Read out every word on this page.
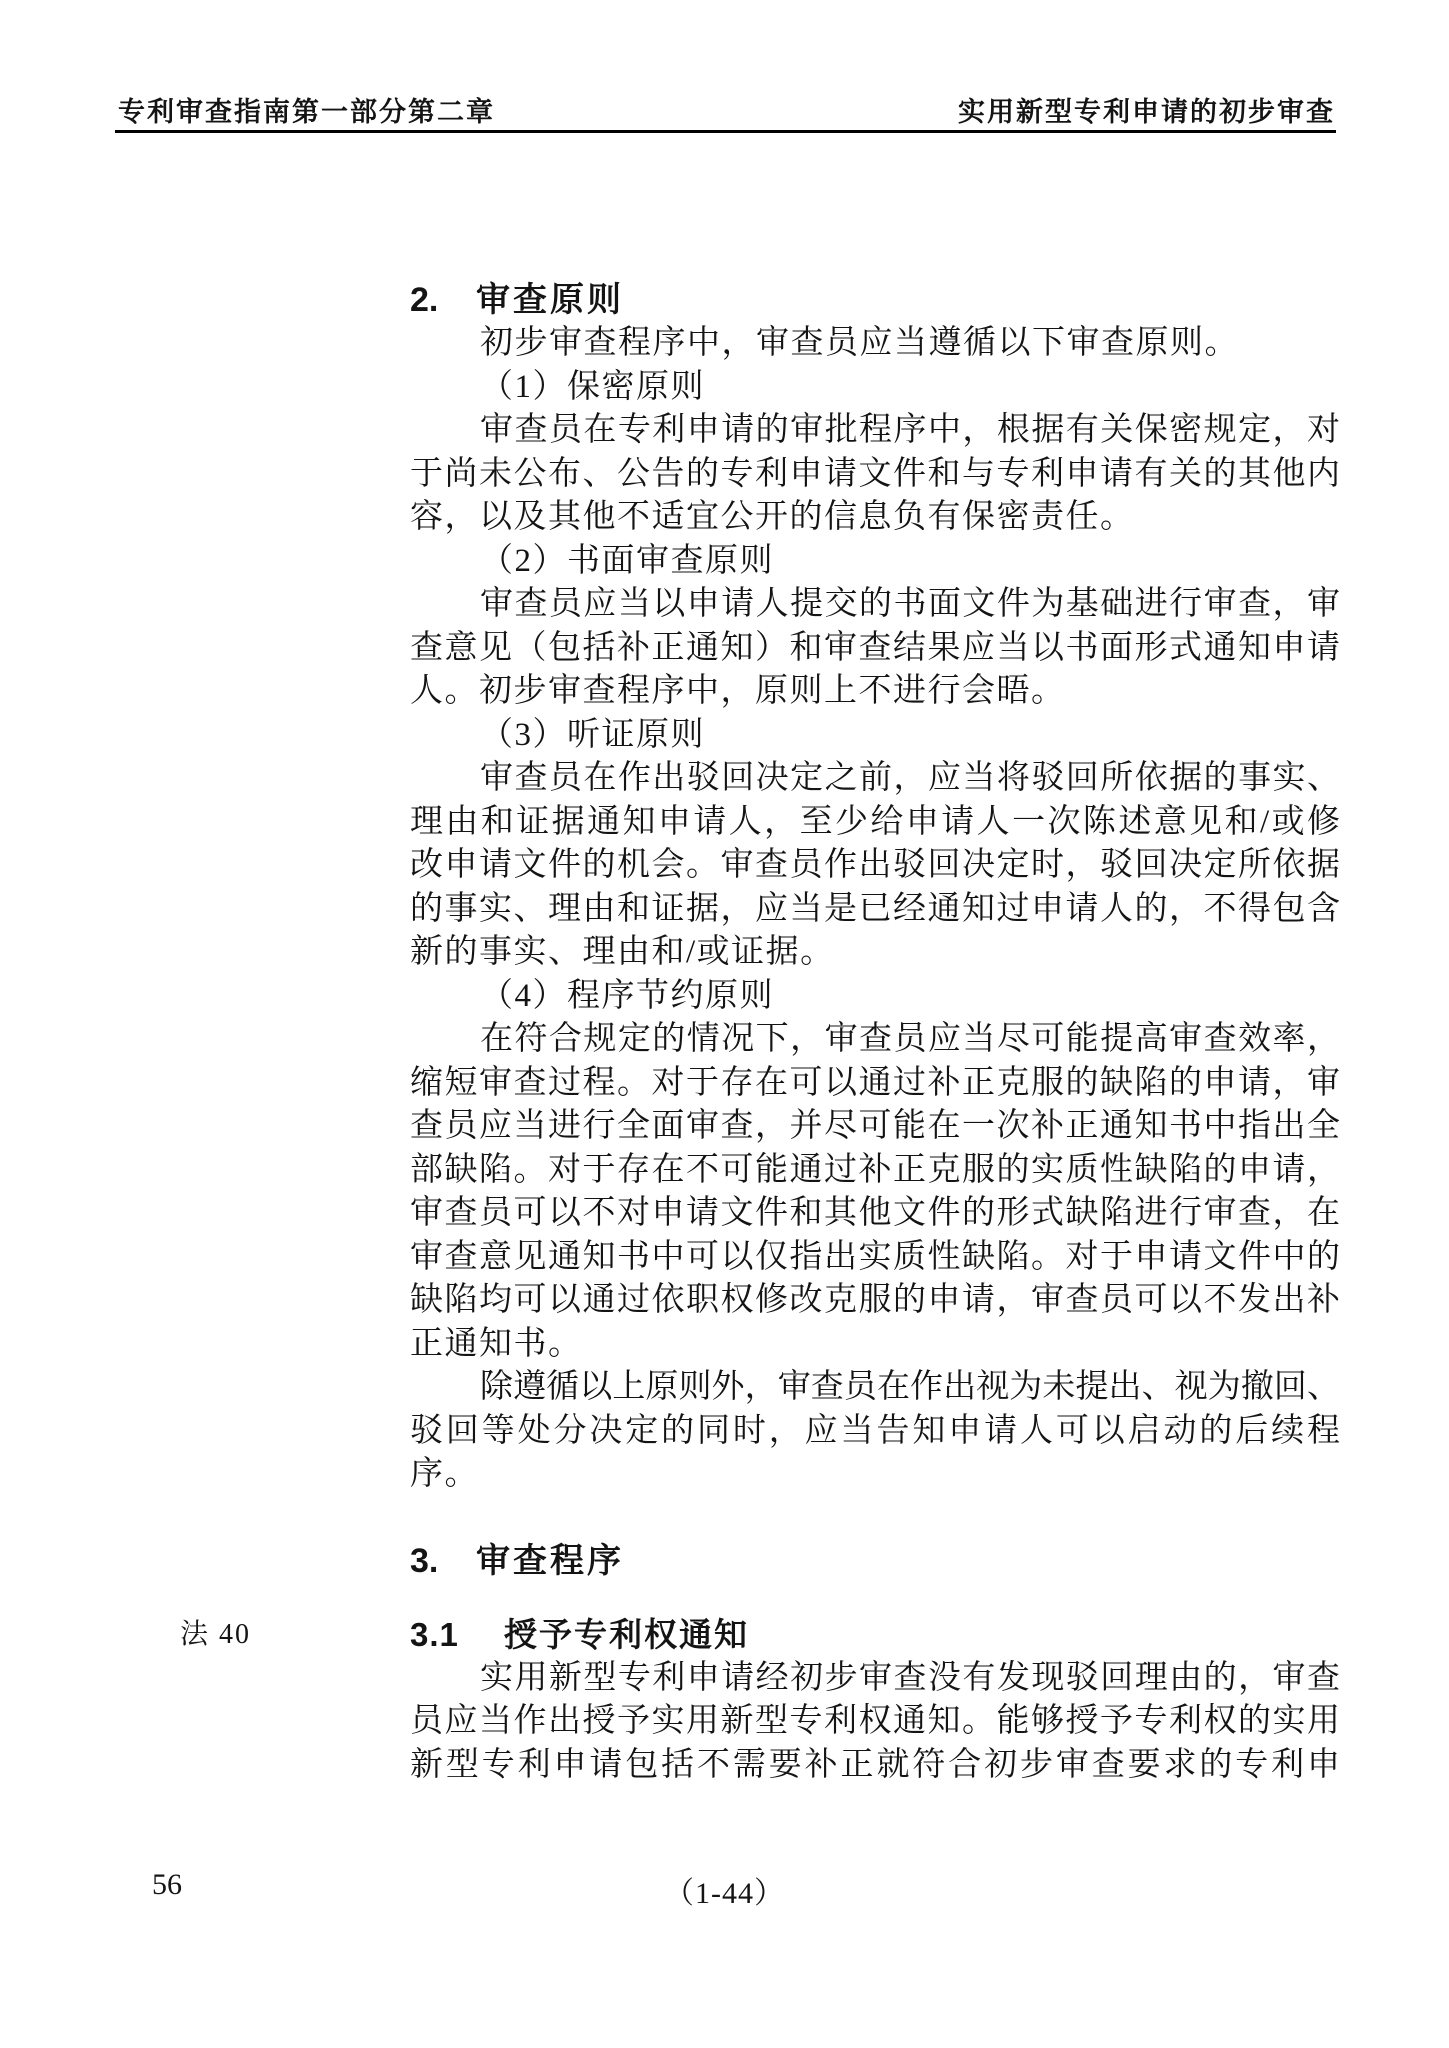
专利审查指南第一部分第二章	实用新型专利申请的初步审查
2. 审查原则
初步审查程序中，审查员应当遵循以下审查原则。
（1）保密原则
审查员在专利申请的审批程序中，根据有关保密规定，对
于尚未公布、公告的专利申请文件和与专利申请有关的其他内
容，以及其他不适宜公开的信息负有保密责任。
（2）书面审查原则
审查员应当以申请人提交的书面文件为基础进行审查，审
查意见（包括补正通知）和审查结果应当以书面形式通知申请
人。初步审查程序中，原则上不进行会晤。
（3）听证原则
审查员在作出驳回决定之前，应当将驳回所依据的事实、
理由和证据通知申请人，至少给申请人一次陈述意见和/或修
改申请文件的机会。审查员作出驳回决定时，驳回决定所依据
的事实、理由和证据，应当是已经通知过申请人的，不得包含
新的事实、理由和/或证据。
（4）程序节约原则
在符合规定的情况下，审查员应当尽可能提高审查效率，
缩短审查过程。对于存在可以通过补正克服的缺陷的申请，审
查员应当进行全面审查，并尽可能在一次补正通知书中指出全
部缺陷。对于存在不可能通过补正克服的实质性缺陷的申请，
审查员可以不对申请文件和其他文件的形式缺陷进行审查，在
审查意见通知书中可以仅指出实质性缺陷。对于申请文件中的
缺陷均可以通过依职权修改克服的申请，审查员可以不发出补
正通知书。
除遵循以上原则外，审查员在作出视为未提出、视为撤回、
驳回等处分决定的同时，应当告知申请人可以启动的后续程
序。
3. 审查程序
法 40	3.1 授予专利权通知
实用新型专利申请经初步审查没有发现驳回理由的，审查
员应当作出授予实用新型专利权通知。能够授予专利权的实用
新型专利申请包括不需要补正就符合初步审查要求的专利申
56	（1-44）
